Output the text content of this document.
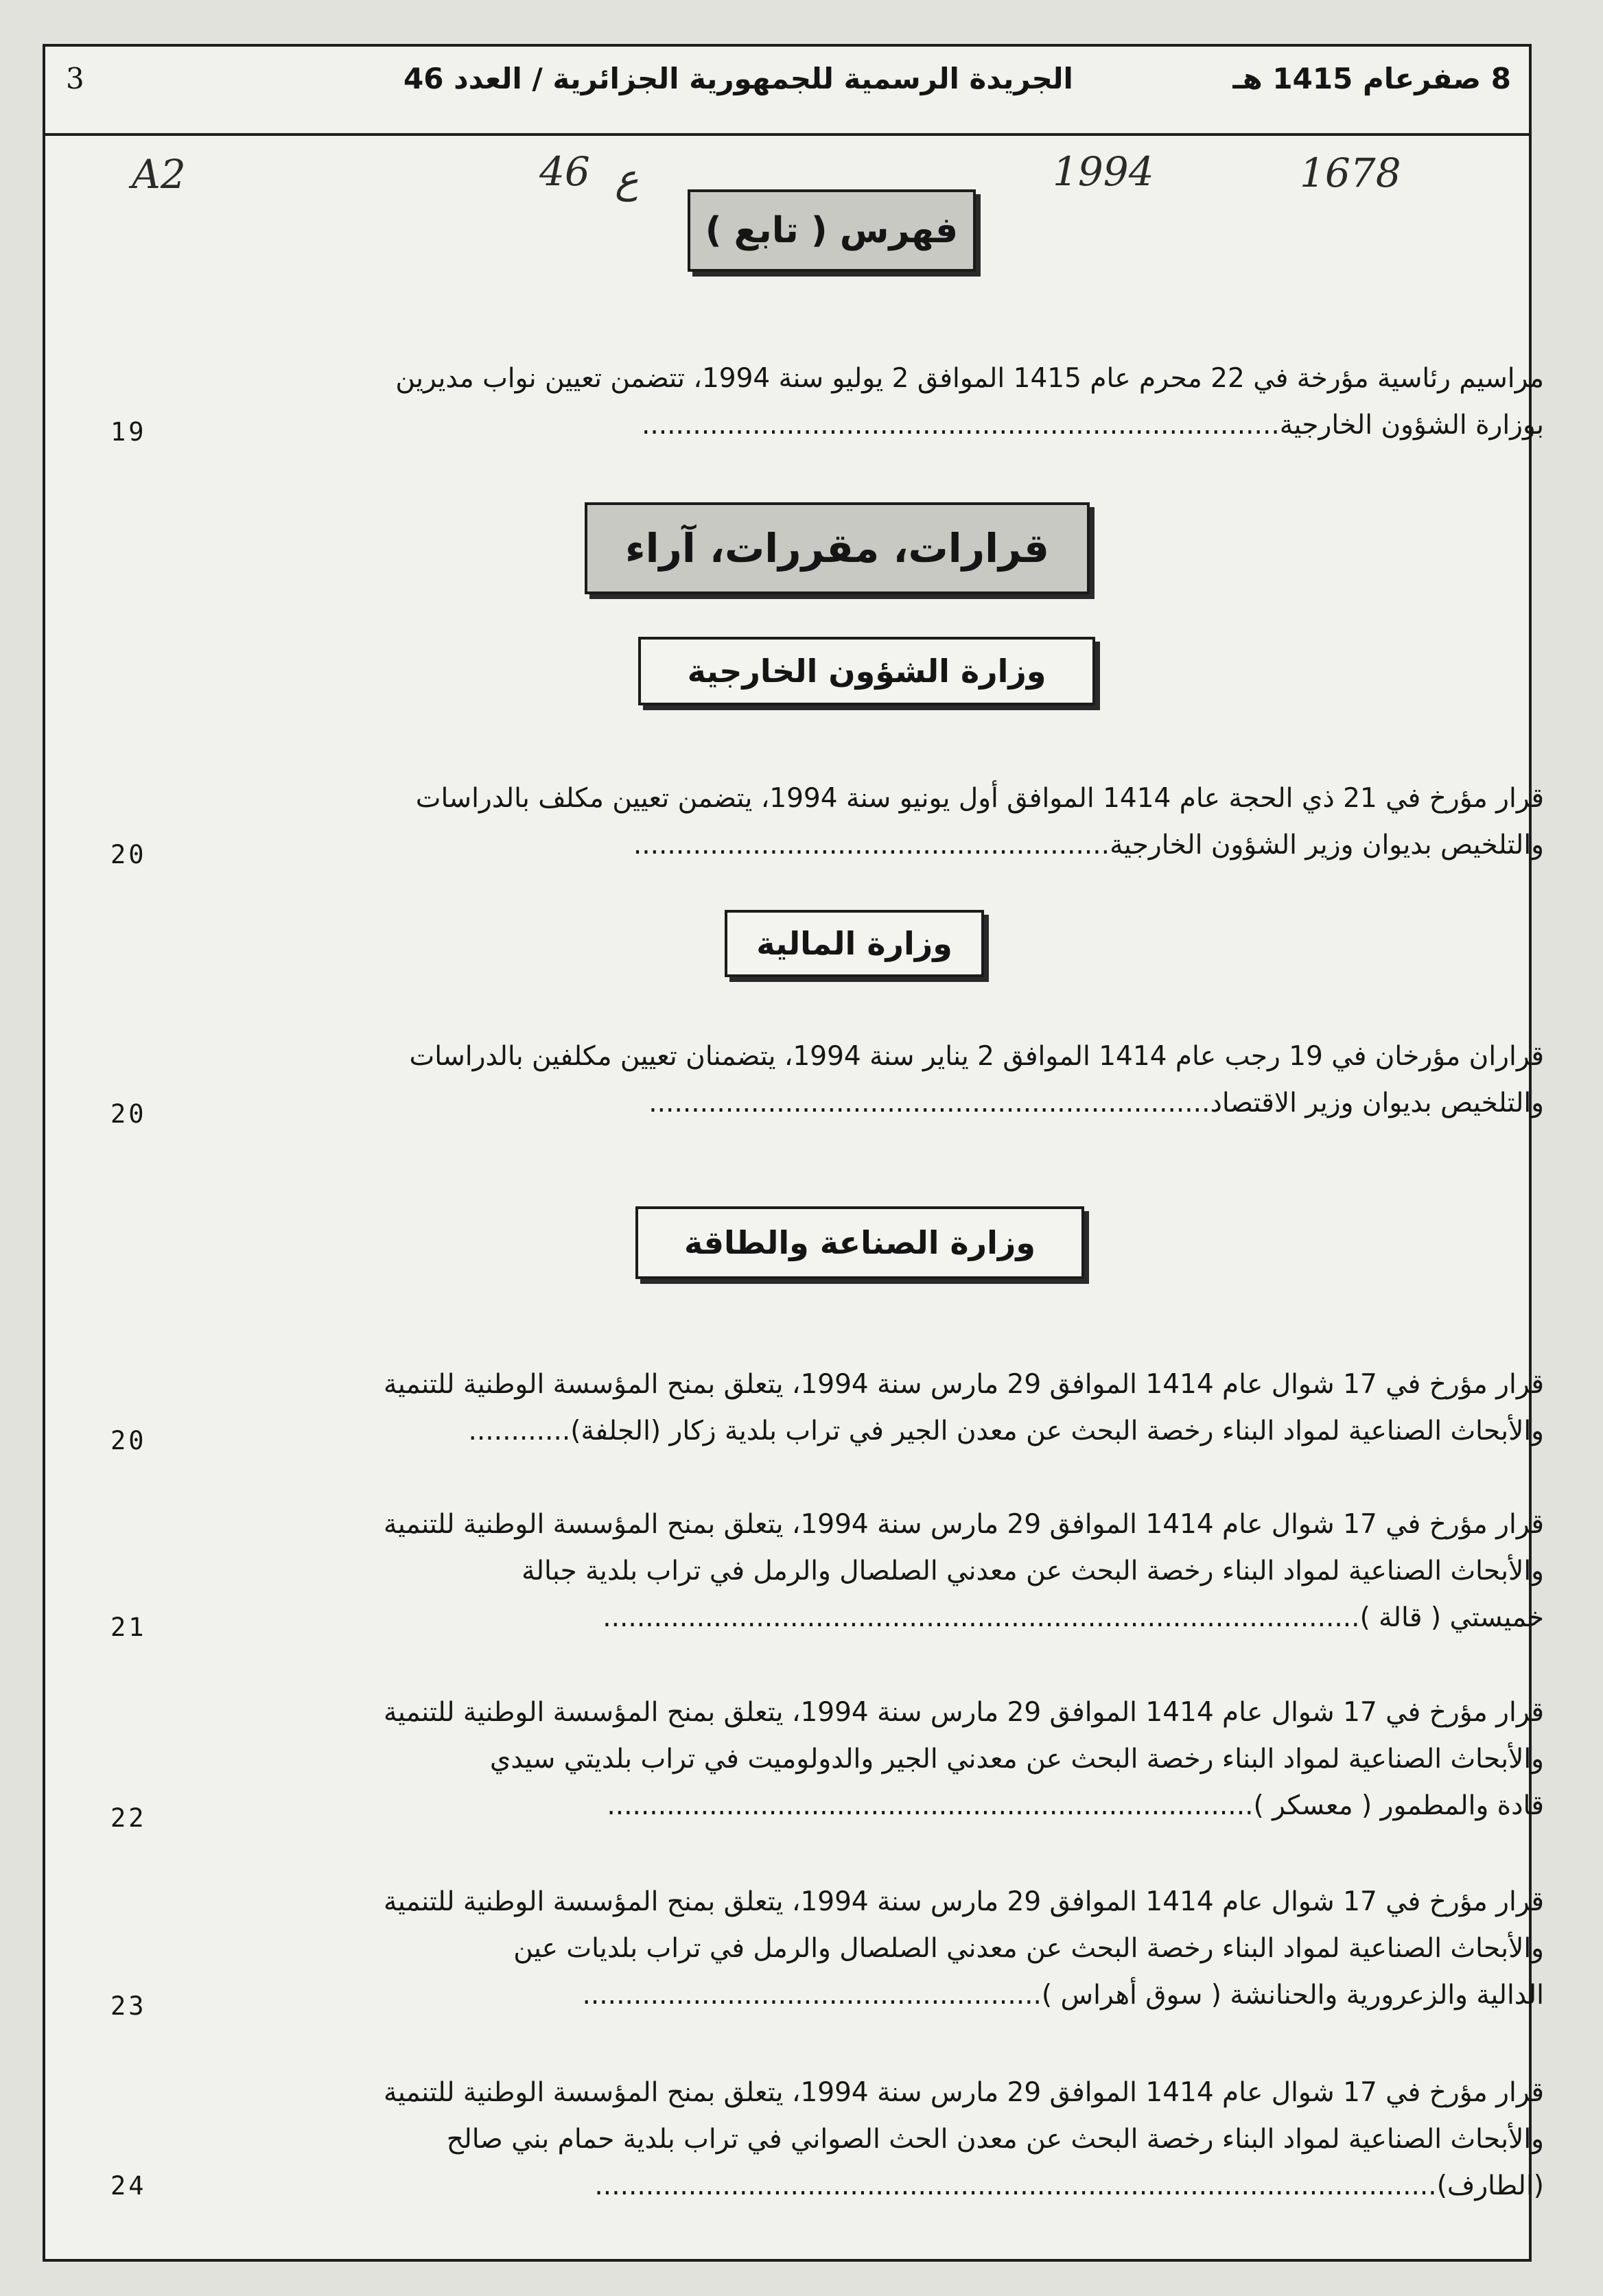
8 صفرعام 1415 هـ
الجريدة الرسمية للجمهورية الجزائرية / العدد 46
3
A2	46 ع	1994	1678
فهرس ( تابع )
مراسيم رئاسية مؤرخة في 22 محرم عام 1415 الموافق 2 يوليو سنة 1994، تتضمن تعيين نواب مديرين
بوزارة الشؤون الخارجية...........................................................................
19
قرارات، مقررات، آراء
وزارة الشؤون الخارجية
قرار مؤرخ في 21 ذي الحجة عام 1414 الموافق أول يونيو سنة 1994، يتضمن تعيين مكلف بالدراسات
والتلخيص بديوان وزير الشؤون الخارجية........................................................
20
وزارة المالية
قراران مؤرخان في 19 رجب عام 1414 الموافق 2 يناير سنة 1994، يتضمنان تعيين مكلفين بالدراسات
والتلخيص بديوان وزير الاقتصاد..................................................................
20
وزارة الصناعة والطاقة
قرار مؤرخ في 17 شوال عام 1414 الموافق 29 مارس سنة 1994، يتعلق بمنح المؤسسة الوطنية للتنمية
والأبحاث الصناعية لمواد البناء رخصة البحث عن معدن الجير في تراب بلدية زكار (الجلفة)............
20
قرار مؤرخ في 17 شوال عام 1414 الموافق 29 مارس سنة 1994، يتعلق بمنح المؤسسة الوطنية للتنمية
والأبحاث الصناعية لمواد البناء رخصة البحث عن معدني الصلصال والرمل في تراب بلدية جبالة
خميستي ( قالة ).........................................................................................
21
قرار مؤرخ في 17 شوال عام 1414 الموافق 29 مارس سنة 1994، يتعلق بمنح المؤسسة الوطنية للتنمية
والأبحاث الصناعية لمواد البناء رخصة البحث عن معدني الجير والدولوميت في تراب بلديتي سيدي
قادة والمطمور ( معسكر )............................................................................
22
قرار مؤرخ في 17 شوال عام 1414 الموافق 29 مارس سنة 1994، يتعلق بمنح المؤسسة الوطنية للتنمية
والأبحاث الصناعية لمواد البناء رخصة البحث عن معدني الصلصال والرمل في تراب بلديات عين
الدالية والزعرورية والحنانشة ( سوق أهراس )......................................................
23
قرار مؤرخ في 17 شوال عام 1414 الموافق 29 مارس سنة 1994، يتعلق بمنح المؤسسة الوطنية للتنمية
والأبحاث الصناعية لمواد البناء رخصة البحث عن معدن الحث الصواني في تراب بلدية حمام بني صالح
(الطارف)...................................................................................................
24
